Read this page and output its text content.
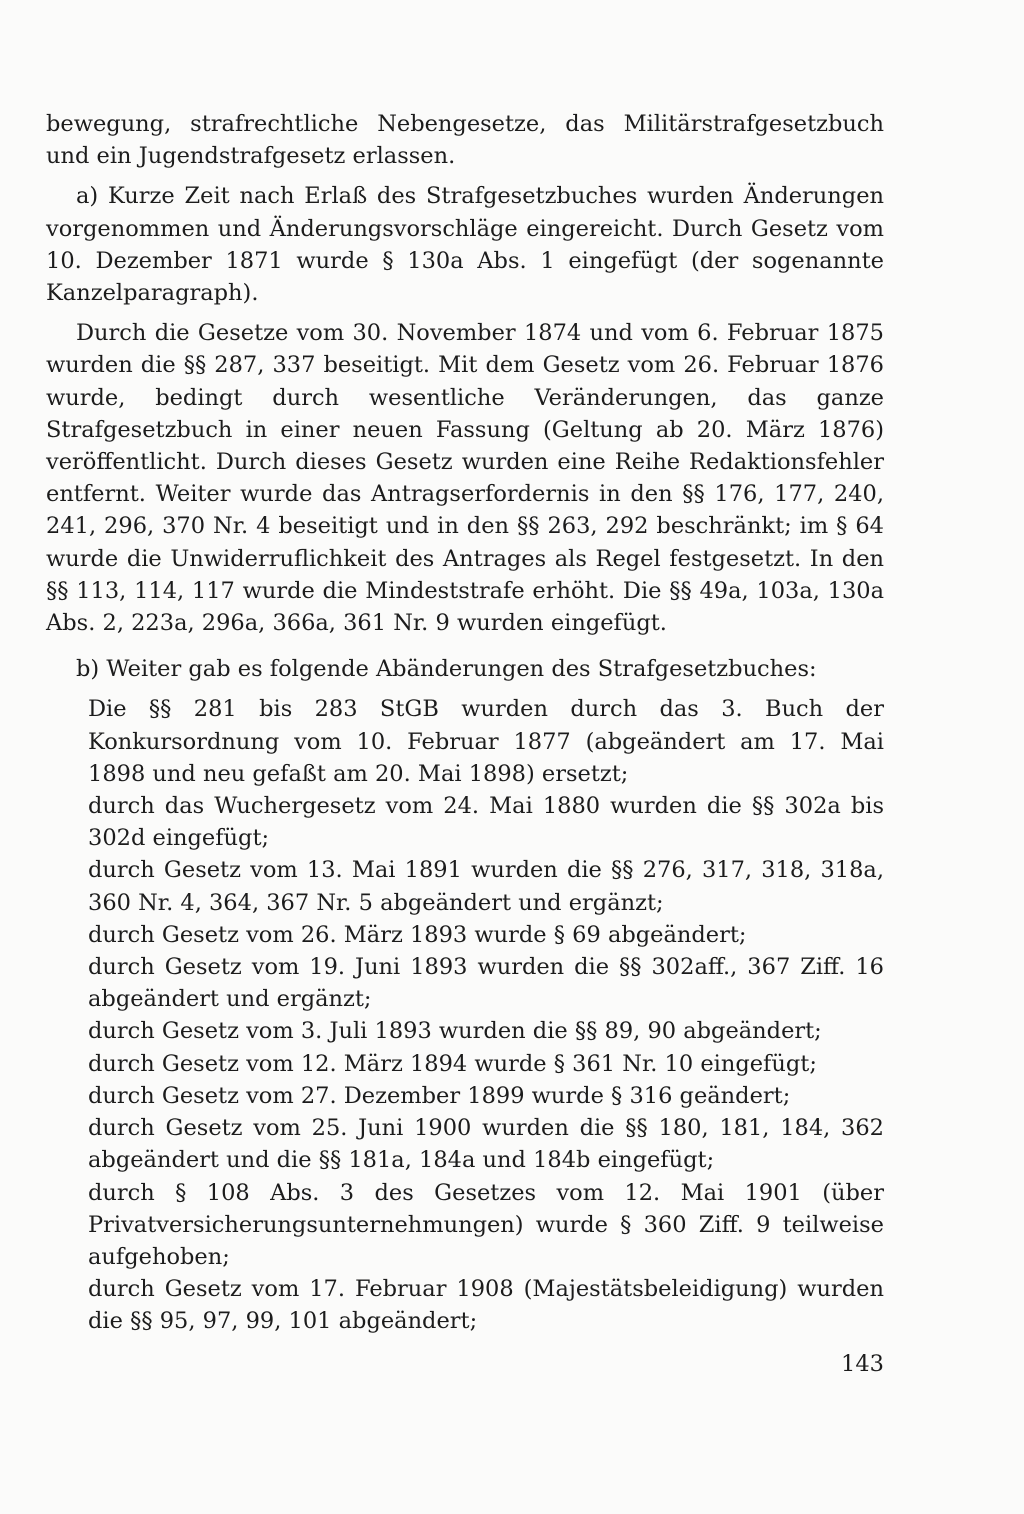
bewegung, strafrechtliche Nebengesetze, das Militärstrafgesetzbuch und ein Jugendstrafgesetz erlassen.

a) Kurze Zeit nach Erlaß des Strafgesetzbuches wurden Änderungen vorgenommen und Änderungsvorschläge eingereicht. Durch Gesetz vom 10. Dezember 1871 wurde § 130a Abs. 1 eingefügt (der sogenannte Kanzelparagraph).

Durch die Gesetze vom 30. November 1874 und vom 6. Februar 1875 wurden die §§ 287, 337 beseitigt. Mit dem Gesetz vom 26. Februar 1876 wurde, bedingt durch wesentliche Veränderungen, das ganze Strafgesetzbuch in einer neuen Fassung (Geltung ab 20. März 1876) veröffentlicht. Durch dieses Gesetz wurden eine Reihe Redaktionsfehler entfernt. Weiter wurde das Antragserfordernis in den §§ 176, 177, 240, 241, 296, 370 Nr. 4 beseitigt und in den §§ 263, 292 beschränkt; im § 64 wurde die Unwiderruflichkeit des Antrages als Regel festgesetzt. In den §§ 113, 114, 117 wurde die Mindeststrafe erhöht. Die §§ 49a, 103a, 130a Abs. 2, 223a, 296a, 366a, 361 Nr. 9 wurden eingefügt.

b) Weiter gab es folgende Abänderungen des Strafgesetzbuches:

Die §§ 281 bis 283 StGB wurden durch das 3. Buch der Konkursordnung vom 10. Februar 1877 (abgeändert am 17. Mai 1898 und neu gefaßt am 20. Mai 1898) ersetzt;

durch das Wuchergesetz vom 24. Mai 1880 wurden die §§ 302a bis 302d eingefügt;

durch Gesetz vom 13. Mai 1891 wurden die §§ 276, 317, 318, 318a, 360 Nr. 4, 364, 367 Nr. 5 abgeändert und ergänzt;

durch Gesetz vom 26. März 1893 wurde § 69 abgeändert;

durch Gesetz vom 19. Juni 1893 wurden die §§ 302aff., 367 Ziff. 16 abgeändert und ergänzt;

durch Gesetz vom 3. Juli 1893 wurden die §§ 89, 90 abgeändert;

durch Gesetz vom 12. März 1894 wurde § 361 Nr. 10 eingefügt;

durch Gesetz vom 27. Dezember 1899 wurde § 316 geändert;

durch Gesetz vom 25. Juni 1900 wurden die §§ 180, 181, 184, 362 abgeändert und die §§ 181a, 184a und 184b eingefügt;

durch § 108 Abs. 3 des Gesetzes vom 12. Mai 1901 (über Privatversicherungsunternehmungen) wurde § 360 Ziff. 9 teilweise aufgehoben;

durch Gesetz vom 17. Februar 1908 (Majestätsbeleidigung) wurden die §§ 95, 97, 99, 101 abgeändert;

143
